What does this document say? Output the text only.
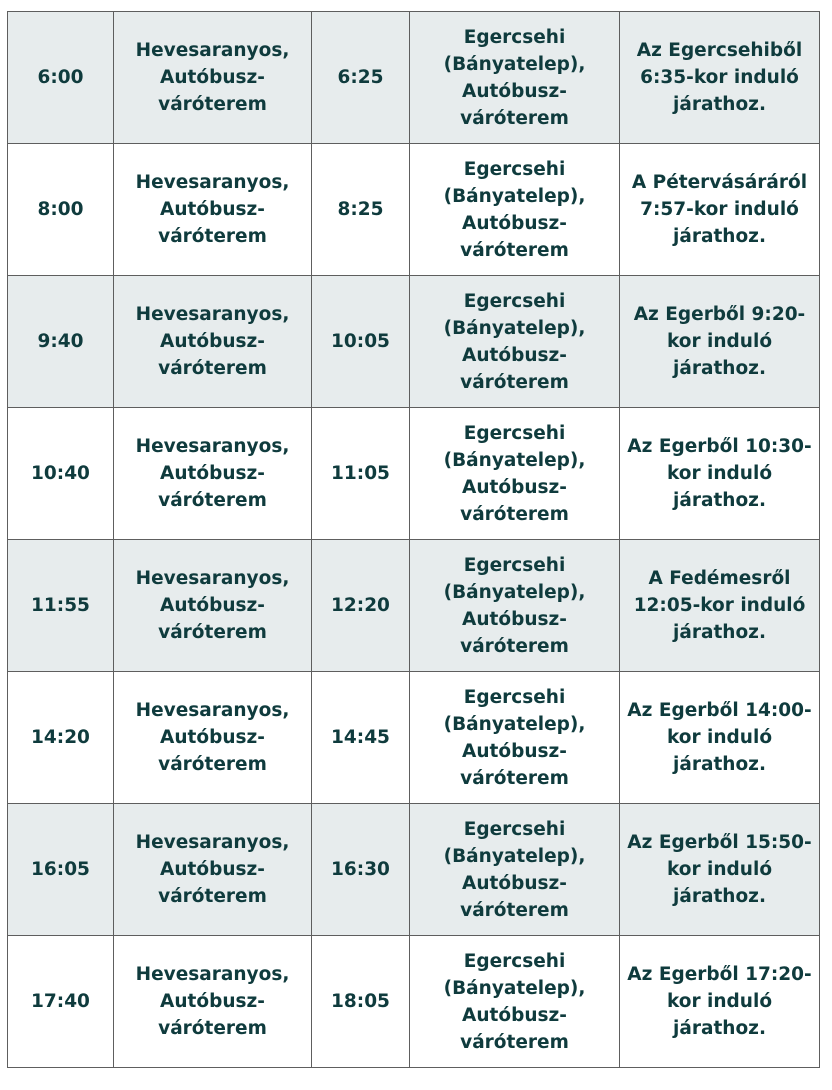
6:00	Hevesaranyos,
Autóbusz-
váróterem	6:25	Egercsehi
(Bányatelep),
Autóbusz-
váróterem	Az Egercsehiből
6:35-kor induló
járathoz.

8:00	Hevesaranyos,
Autóbusz-
váróterem	8:25	Egercsehi
(Bányatelep),
Autóbusz-
váróterem	A Pétervásáráról
7:57-kor induló
járathoz.

9:40	Hevesaranyos,
Autóbusz-
váróterem	10:05	Egercsehi
(Bányatelep),
Autóbusz-
váróterem	Az Egerből 9:20-
kor induló
járathoz.

10:40	Hevesaranyos,
Autóbusz-
váróterem	11:05	Egercsehi
(Bányatelep),
Autóbusz-
váróterem	Az Egerből 10:30-
kor induló
járathoz.

11:55	Hevesaranyos,
Autóbusz-
váróterem	12:20	Egercsehi
(Bányatelep),
Autóbusz-
váróterem	A Fedémesről
12:05-kor induló
járathoz.

14:20	Hevesaranyos,
Autóbusz-
váróterem	14:45	Egercsehi
(Bányatelep),
Autóbusz-
váróterem	Az Egerből 14:00-
kor induló
járathoz.

16:05	Hevesaranyos,
Autóbusz-
váróterem	16:30	Egercsehi
(Bányatelep),
Autóbusz-
váróterem	Az Egerből 15:50-
kor induló
járathoz.

17:40	Hevesaranyos,
Autóbusz-
váróterem	18:05	Egercsehi
(Bányatelep),
Autóbusz-
váróterem	Az Egerből 17:20-
kor induló
járathoz.
